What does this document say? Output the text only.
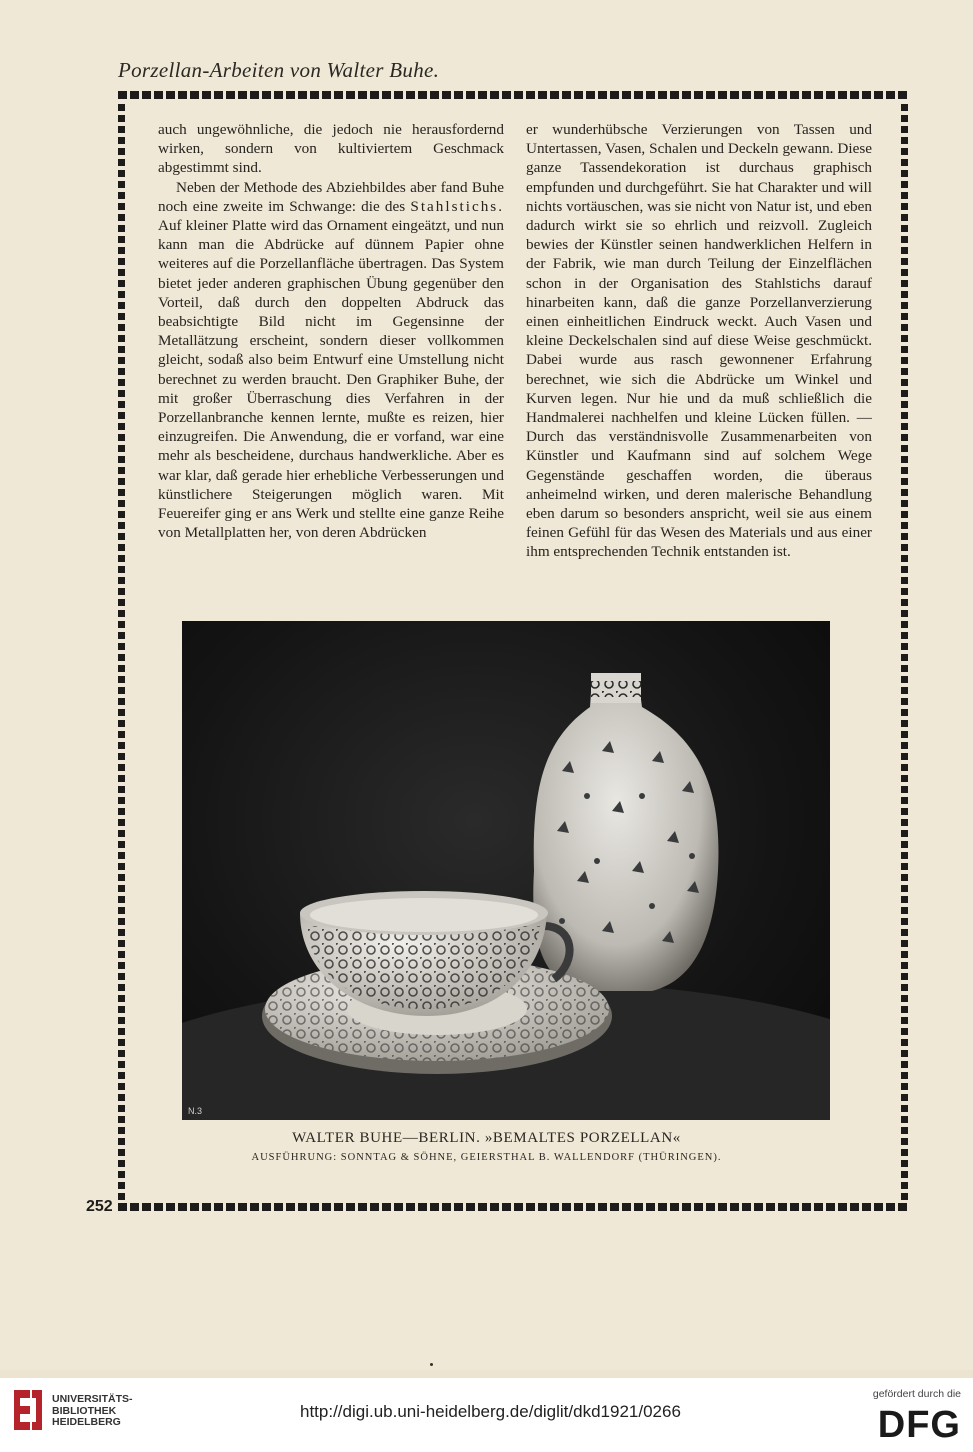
Porzellan-Arbeiten von Walter Buhe.

auch ungewöhnliche, die jedoch nie herausfordernd wirken, sondern von kultiviertem Geschmack abgestimmt sind.

Neben der Methode des Abziehbildes aber fand Buhe noch eine zweite im Schwange: die des Stahlstichs. Auf kleiner Platte wird das Ornament eingeätzt, und nun kann man die Abdrücke auf dünnem Papier ohne weiteres auf die Porzellanfläche übertragen. Das System bietet jeder anderen graphischen Übung gegenüber den Vorteil, daß durch den doppelten Abdruck das beabsichtigte Bild nicht im Gegensinne der Metallätzung erscheint, sondern dieser vollkommen gleicht, sodaß also beim Entwurf eine Umstellung nicht berechnet zu werden braucht. Den Graphiker Buhe, der mit großer Überraschung dies Verfahren in der Porzellanbranche kennen lernte, mußte es reizen, hier einzugreifen. Die Anwendung, die er vorfand, war eine mehr als bescheidene, durchaus handwerkliche. Aber es war klar, daß gerade hier erhebliche Verbesserungen und künstlichere Steigerungen möglich waren. Mit Feuereifer ging er ans Werk und stellte eine ganze Reihe von Metallplatten her, von deren Abdrücken

er wunderhübsche Verzierungen von Tassen und Untertassen, Vasen, Schalen und Deckeln gewann. Diese ganze Tassendekoration ist durchaus graphisch empfunden und durchgeführt. Sie hat Charakter und will nichts vortäuschen, was sie nicht von Natur ist, und eben dadurch wirkt sie so ehrlich und reizvoll. Zugleich bewies der Künstler seinen handwerklichen Helfern in der Fabrik, wie man durch Teilung der Einzelflächen schon in der Organisation des Stahlstichs darauf hinarbeiten kann, daß die ganze Porzellanverzierung einen einheitlichen Eindruck weckt. Auch Vasen und kleine Deckelschalen sind auf diese Weise geschmückt. Dabei wurde aus rasch gewonnener Erfahrung berechnet, wie sich die Abdrücke um Winkel und Kurven legen. Nur hie und da muß schließlich die Handmalerei nachhelfen und kleine Lücken füllen. — Durch das verständnisvolle Zusammenarbeiten von Künstler und Kaufmann sind auf solchem Wege Gegenstände geschaffen worden, die überaus anheimelnd wirken, und deren malerische Behandlung eben darum so besonders anspricht, weil sie aus einem feinen Gefühl für das Wesen des Materials und aus einer ihm entsprechenden Technik entstanden ist.

N.3
WALTER BUHE—BERLIN. »BEMALTES PORZELLAN«
AUSFÜHRUNG: SONNTAG & SÖHNE, GEIERSTHAL B. WALLENDORF (THÜRINGEN).
252
UNIVERSITÄTS-
BIBLIOTHEK
HEIDELBERG
http://digi.ub.uni-heidelberg.de/diglit/dkd1921/0266
gefördert durch die
DFG
